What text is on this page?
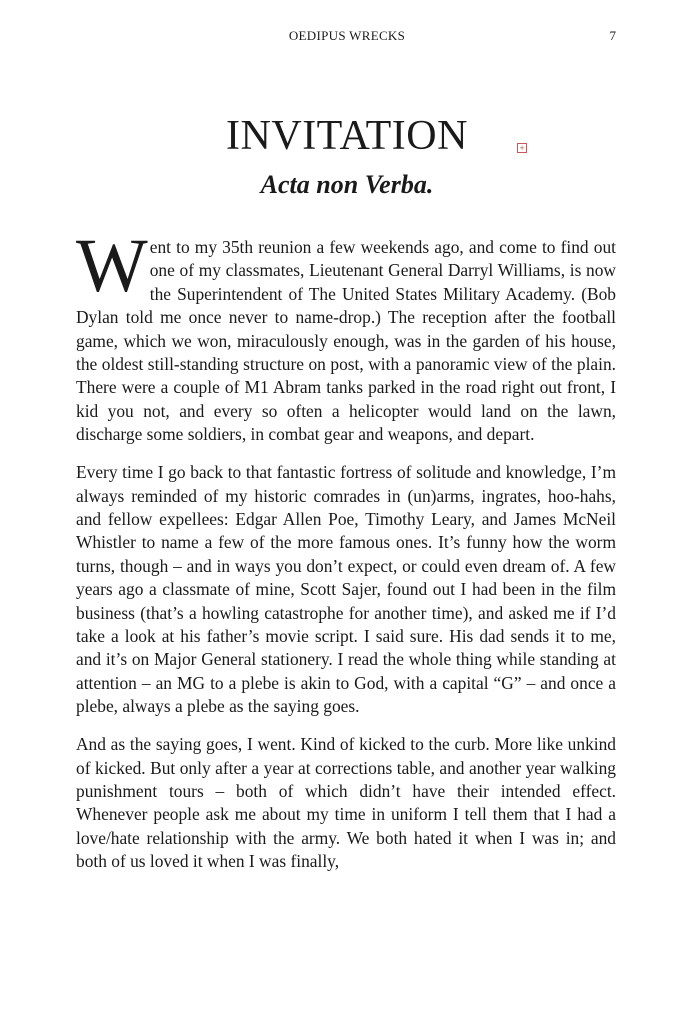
OEDIPUS WRECKS	7
INVITATION	+
Acta non Verba.

Went to my 35th reunion a few weekends ago, and come to find out one of my classmates, Lieutenant General Darryl Williams, is now the Superintendent of The United States Military Academy. (Bob Dylan told me once never to name-drop.) The reception after the football game, which we won, miraculously enough, was in the garden of his house, the oldest still-standing structure on post, with a panoramic view of the plain. There were a couple of M1 Abram tanks parked in the road right out front, I kid you not, and every so often a helicopter would land on the lawn, discharge some soldiers, in combat gear and weapons, and depart.

Every time I go back to that fantastic fortress of solitude and knowledge, I’m always reminded of my historic comrades in (un)arms, ingrates, hoo-hahs, and fellow expellees: Edgar Allen Poe, Timothy Leary, and James McNeil Whistler to name a few of the more famous ones. It’s funny how the worm turns, though – and in ways you don’t expect, or could even dream of. A few years ago a classmate of mine, Scott Sajer, found out I had been in the film business (that’s a howling catastrophe for another time), and asked me if I’d take a look at his father’s movie script. I said sure. His dad sends it to me, and it’s on Major General stationery. I read the whole thing while standing at attention – an MG to a plebe is akin to God, with a capital “G” – and once a plebe, always a plebe as the saying goes.

And as the saying goes, I went. Kind of kicked to the curb. More like unkind of kicked. But only after a year at corrections table, and another year walking punishment tours – both of which didn’t have their intended effect. Whenever people ask me about my time in uniform I tell them that I had a love/hate relationship with the army. We both hated it when I was in; and both of us loved it when I was finally,
